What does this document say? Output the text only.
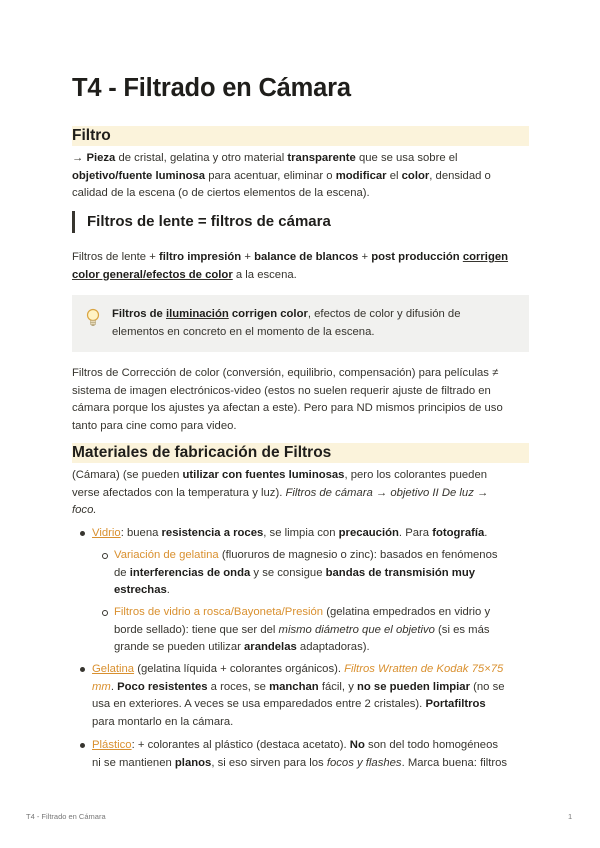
T4 - Filtrado en Cámara
Filtro
→ Pieza de cristal, gelatina y otro material transparente que se usa sobre el
objetivo/fuente luminosa para acentuar, eliminar o modificar el color, densidad o
calidad de la escena (o de ciertos elementos de la escena).
Filtros de lente = filtros de cámara
Filtros de lente + filtro impresión + balance de blancos + post producción corrigen
color general/efectos de color a la escena.
Filtros de iluminación corrigen color, efectos de color y difusión de
elementos en concreto en el momento de la escena.
Filtros de Corrección de color (conversión, equilibrio, compensación) para películas ≠
sistema de imagen electrónicos-video (estos no suelen requerir ajuste de filtrado en
cámara porque los ajustes ya afectan a este). Pero para ND mismos principios de uso
tanto para cine como para video.
Materiales de fabricación de Filtros
(Cámara) (se pueden utilizar con fuentes luminosas, pero los colorantes pueden
verse afectados con la temperatura y luz). Filtros de cámara → objetivo II De luz →
foco.
Vidrio: buena resistencia a roces, se limpia con precaución. Para fotografía.
Variación de gelatina (fluoruros de magnesio o zinc): basados en fenómenos
de interferencias de onda y se consigue bandas de transmisión muy
estrechas.
Filtros de vidrio a rosca/Bayoneta/Presión (gelatina empedrados en vidrio y
borde sellado): tiene que ser del mismo diámetro que el objetivo (si es más
grande se pueden utilizar arandelas adaptadoras).
Gelatina (gelatina líquida + colorantes orgánicos). Filtros Wratten de Kodak 75×75
mm. Poco resistentes a roces, se manchan fácil, y no se pueden limpiar (no se
usa en exteriores. A veces se usa emparedados entre 2 cristales). Portafiltros
para montarlo en la cámara.
Plástico: + colorantes al plástico (destaca acetato). No son del todo homogéneos
ni se mantienen planos, si eso sirven para los focos y flashes. Marca buena: filtros
T4 - Filtrado en Cámara	1
